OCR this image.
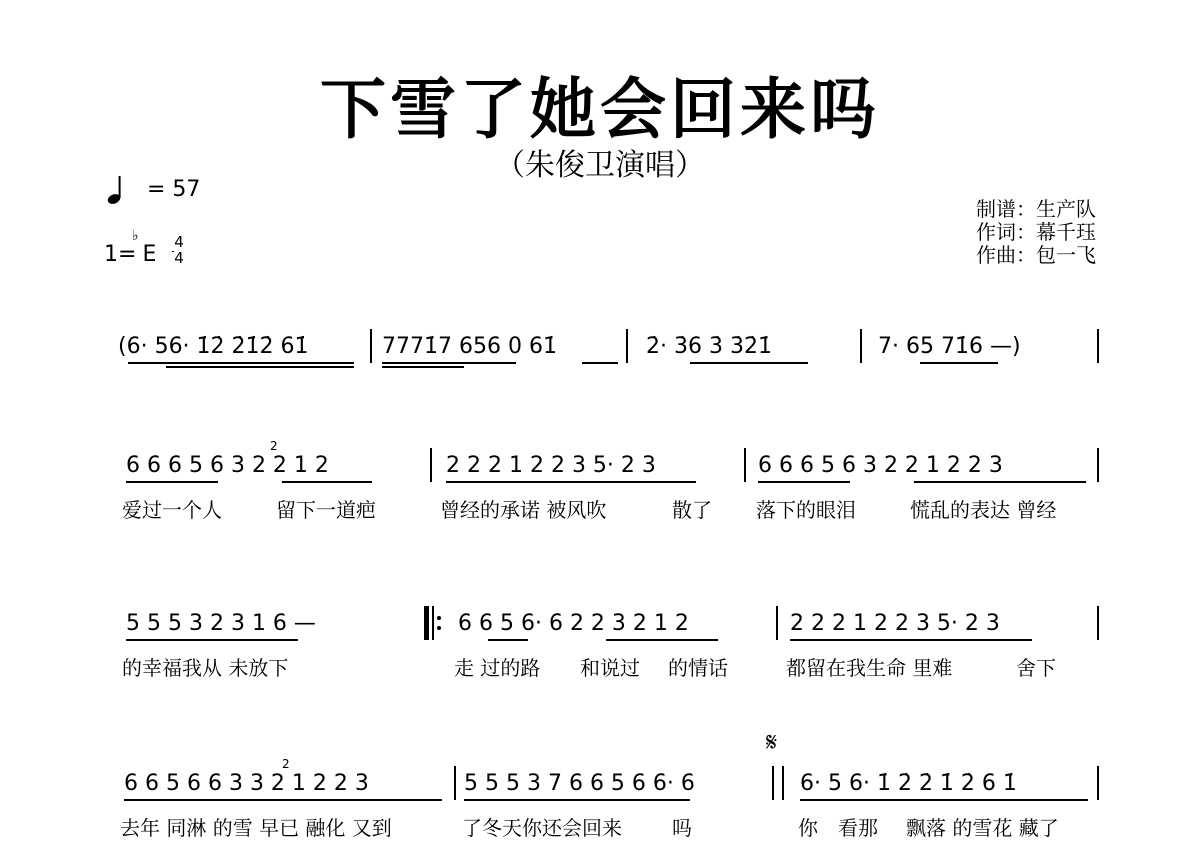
下雪了她会回来吗
（朱俊卫演唱）
= 57
1= E
♭ 4
4
制谱：生产队
作词：幕千珏
作曲：包一飞
(6· 56· 1̇2̇ 2̇1̇2̇ 61̇	7771̇7 656 0 61̇	2̇· 3̇6 3̇ 3̇2̇1̇	7· 65 71̇6 —)
6 6 6 5 6 3 2 2 1 2
2
2 2 2 1 2 2 3 5· 2 3	6 6 6 5 6 3 2 2 1 2 2 3
爱过一个人	留下一道疤	曾经的承诺 被风吹	散了 落下的眼泪	慌乱的表达 曾经
5 5 5 3 2 3 1 6 —	6 6 5 6· 6 2 2 3 2 1 2	2 2 2 1 2 2 3 5· 2 3
的幸福我从 未放下	走 过的路 和说过 的情话	都留在我生命 里难	舍下
6 6 5 6 6 3 3 2 1 2 2 3
2
5 5 5 3 7 6 6 5 6 6· 6
𝄋
6· 5 6· 1̇ 2̇ 2̇ 1̇ 2̇ 6 1̇
去年 同淋 的雪 早已 融化 又到	了冬天你还会回来	吗	你 看那 飘落 的雪花 藏了
